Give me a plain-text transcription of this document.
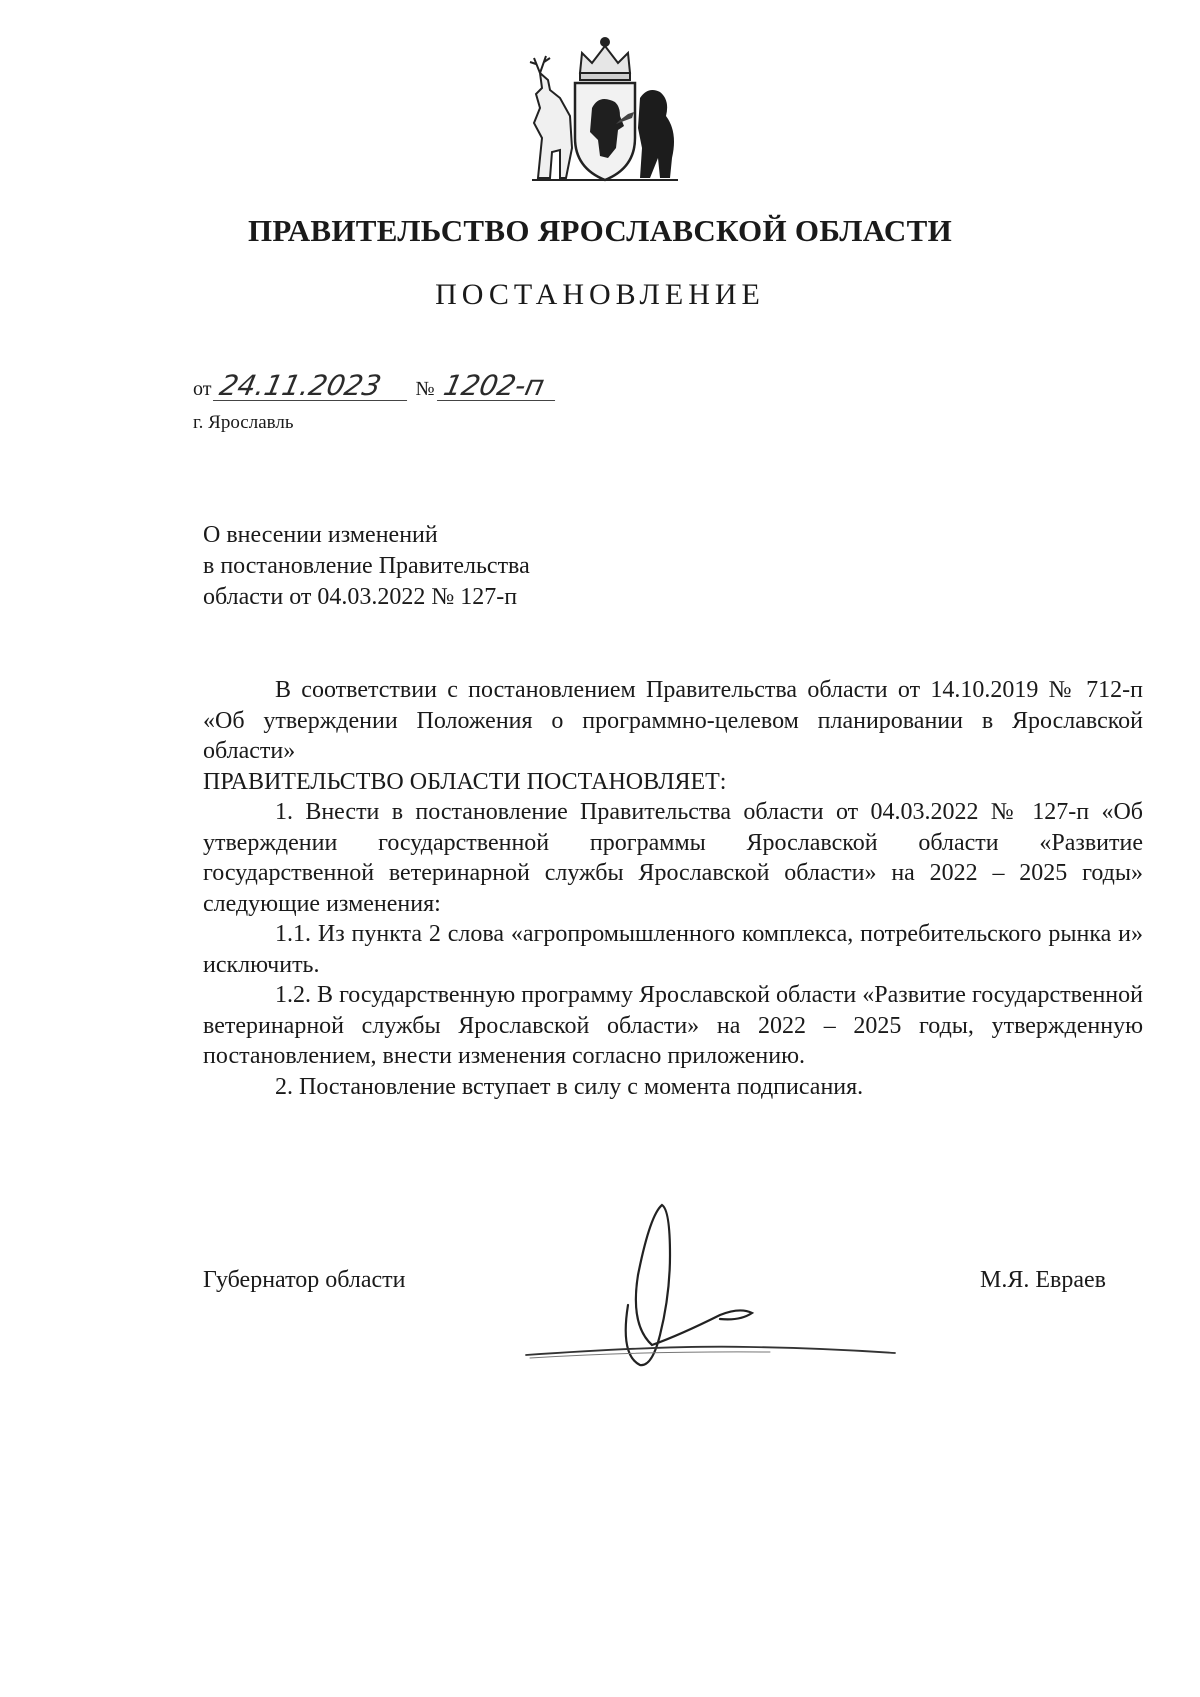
ПРАВИТЕЛЬСТВО ЯРОСЛАВСКОЙ ОБЛАСТИ
ПОСТАНОВЛЕНИЕ
от 24.11.2023 № 1202-п
г. Ярославль
О внесении изменений
в постановление Правительства
области от 04.03.2022 № 127-п

В соответствии с постановлением Правительства области от 14.10.2019 № 712-п «Об утверждении Положения о программно-целевом планировании в Ярославской области»

ПРАВИТЕЛЬСТВО ОБЛАСТИ ПОСТАНОВЛЯЕТ:

1. Внести в постановление Правительства области от 04.03.2022 № 127-п «Об утверждении государственной программы Ярославской области «Развитие государственной ветеринарной службы Ярославской области» на 2022 – 2025 годы» следующие изменения:

1.1. Из пункта 2 слова «агропромышленного комплекса, потребительского рынка и» исключить.

1.2. В государственную программу Ярославской области «Развитие государственной ветеринарной службы Ярославской области» на 2022 – 2025 годы, утвержденную постановлением, внести изменения согласно приложению.

2. Постановление вступает в силу с момента подписания.

Губернатор области	М.Я. Евраев
